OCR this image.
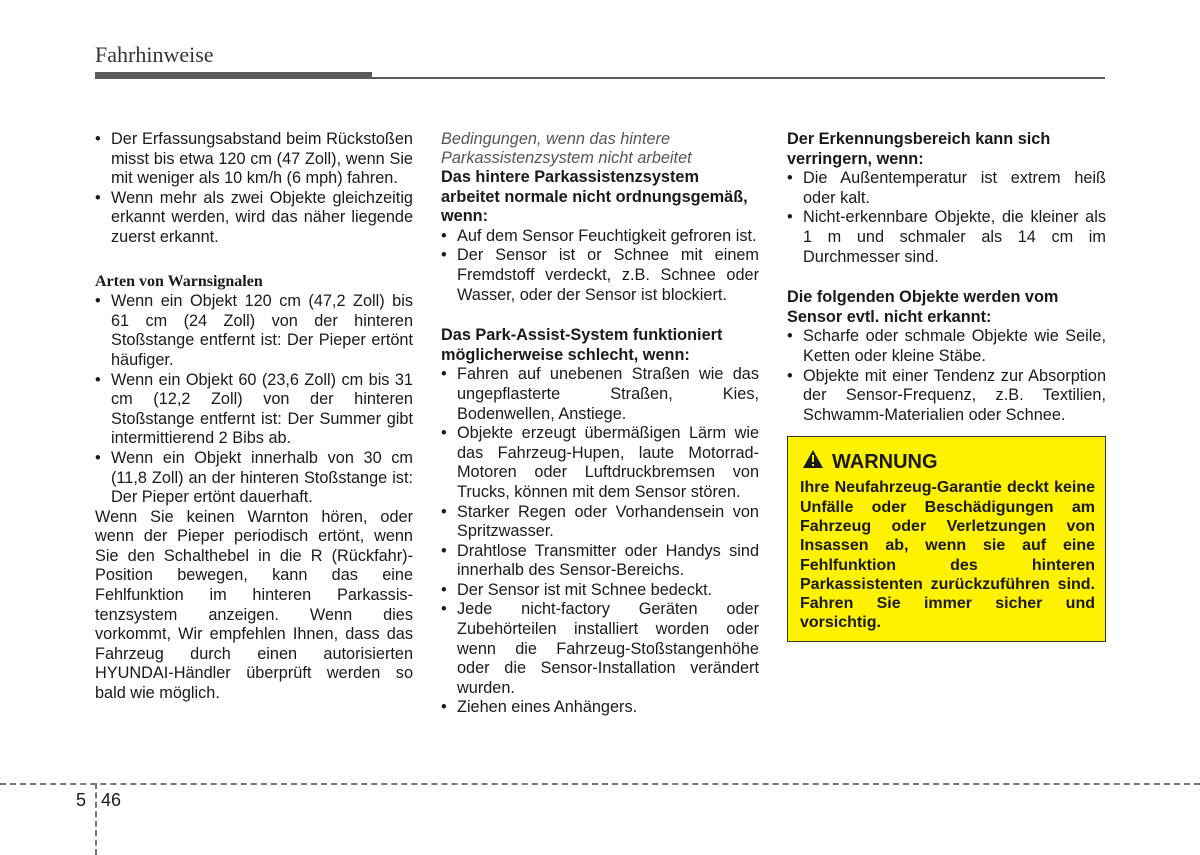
Fahrhinweise
• Der Erfassungsabstand beim Rückstoßen misst bis etwa 120 cm (47 Zoll), wenn Sie mit weniger als 10 km/h (6 mph) fahren.
• Wenn mehr als zwei Objekte gleichzeitig erkannt werden, wird das näher liegende zuerst erkannt.
Arten von Warnsignalen
• Wenn ein Objekt 120 cm (47,2 Zoll) bis 61 cm (24 Zoll) von der hinteren Stoßstange entfernt ist: Der Pieper ertönt häufiger.
• Wenn ein Objekt 60 (23,6 Zoll) cm bis 31 cm (12,2 Zoll) von der hinteren Stoßstange entfernt ist: Der Summer gibt intermittierend 2 Bibs ab.
• Wenn ein Objekt innerhalb von 30 cm (11,8 Zoll) an der hinteren Stoßstange ist: Der Pieper ertönt dauerhaft.

Wenn Sie keinen Warnton hören, oder wenn der Pieper periodisch ertönt, wenn Sie den Schalthebel in die R (Rückfahr)-Position bewegen, kann das eine Fehlfunktion im hinteren Parkassis-tenzsystem anzeigen. Wenn dies vorkommt, Wir empfehlen Ihnen, dass das Fahrzeug durch einen autorisierten HYUNDAI-Händler überprüft werden so bald wie möglich.

Bedingungen, wenn das hintere Parkassistenzsystem nicht arbeitet

Das hintere Parkassistenzsystem arbeitet normale nicht ordnungsgemäß, wenn:

• Auf dem Sensor Feuchtigkeit gefroren ist.
• Der Sensor ist or Schnee mit einem Fremdstoff verdeckt, z.B. Schnee oder Wasser, oder der Sensor ist blockiert.

Das Park-Assist-System funktioniert möglicherweise schlecht, wenn:

• Fahren auf unebenen Straßen wie das ungepflasterte Straßen, Kies, Bodenwellen, Anstiege.
• Objekte erzeugt übermäßigen Lärm wie das Fahrzeug-Hupen, laute Motorrad-Motoren oder Luftdruckbremsen von Trucks, können mit dem Sensor stören.
• Starker Regen oder Vorhandensein von Spritzwasser.
• Drahtlose Transmitter oder Handys sind innerhalb des Sensor-Bereichs.
• Der Sensor ist mit Schnee bedeckt.
• Jede nicht-factory Geräten oder Zubehörteilen installiert worden oder wenn die Fahrzeug-Stoßstangenhöhe oder die Sensor-Installation verändert wurden.
• Ziehen eines Anhängers.

Der Erkennungsbereich kann sich verringern, wenn:

• Die Außentemperatur ist extrem heiß oder kalt.
• Nicht-erkennbare Objekte, die kleiner als 1 m und schmaler als 14 cm im Durchmesser sind.

Die folgenden Objekte werden vom Sensor evtl. nicht erkannt:

• Scharfe oder schmale Objekte wie Seile, Ketten oder kleine Stäbe.
• Objekte mit einer Tendenz zur Absorption der Sensor-Frequenz, z.B. Textilien, Schwamm-Materialien oder Schnee.
WARNUNG
Ihre Neufahrzeug-Garantie deckt keine Unfälle oder Beschädigungen am Fahrzeug oder Verletzungen von Insassen ab, wenn sie auf eine Fehlfunktion des hinteren Parkassistenten zurückzuführen sind. Fahren Sie immer sicher und vorsichtig.
5 46
